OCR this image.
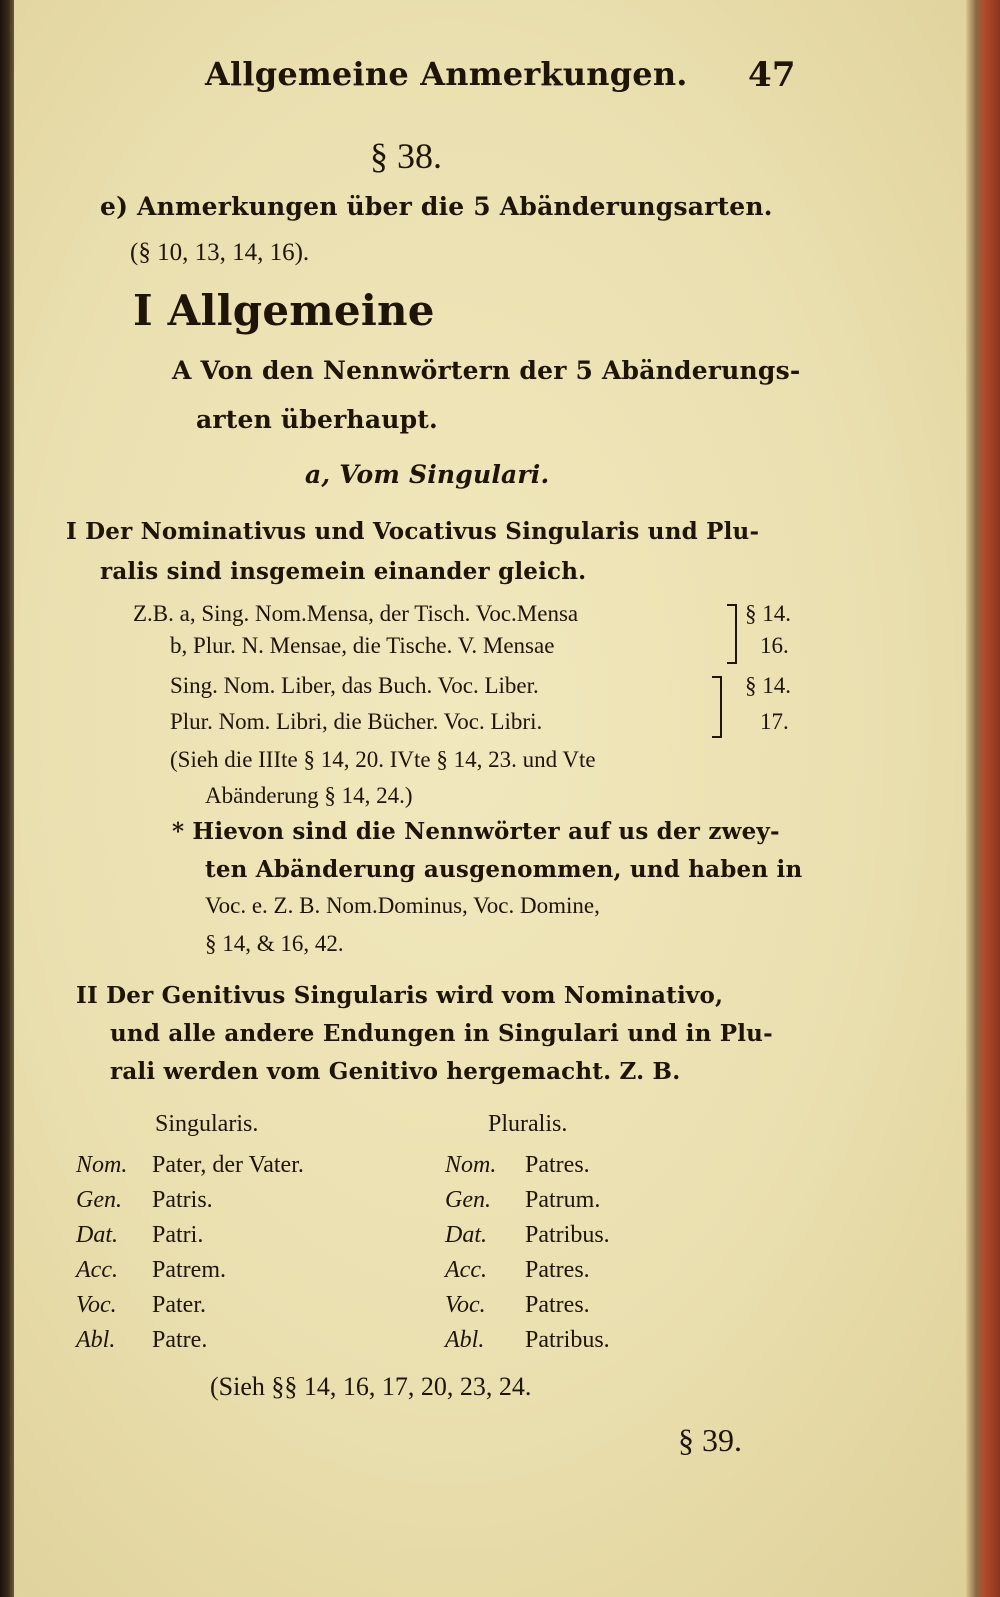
Allgemeine Anmerkungen. 47
§ 38.
e) Anmerkungen über die 5 Abänderungsarten.
(§ 10, 13, 14, 16).
I Allgemeine
A Von den Nennwörtern der 5 Abänderungs-
arten überhaupt.
a, Vom Singulari.
I Der Nominativus und Vocativus Singularis und Plu-
ralis sind insgemein einander gleich.
Z.B. a, Sing. Nom.Mensa, der Tisch. Voc.Mensa	§ 14.
b, Plur. N. Mensae, die Tische. V. Mensae	16.
Sing. Nom. Liber, das Buch. Voc. Liber.	§ 14.
Plur. Nom. Libri, die Bücher. Voc. Libri.	17.
(Sieh die IIIte § 14, 20. IVte § 14, 23. und Vte
Abänderung § 14, 24.)
* Hievon sind die Nennwörter auf us der zwey-
ten Abänderung ausgenommen, und haben in
Voc. e. Z. B. Nom.Dominus, Voc. Domine,
§ 14, & 16, 42.
II Der Genitivus Singularis wird vom Nominativo,
und alle andere Endungen in Singulari und in Plu-
rali werden vom Genitivo hergemacht. Z. B.
Singularis.	Pluralis.
Nom. Pater, der Vater.	Nom. Patres.
Gen. Patris.	Gen. Patrum.
Dat. Patri.	Dat. Patribus.
Acc. Patrem.	Acc. Patres.
Voc. Pater.	Voc. Patres.
Abl. Patre.	Abl. Patribus.
(Sieh §§ 14, 16, 17, 20, 23, 24.
§ 39.
